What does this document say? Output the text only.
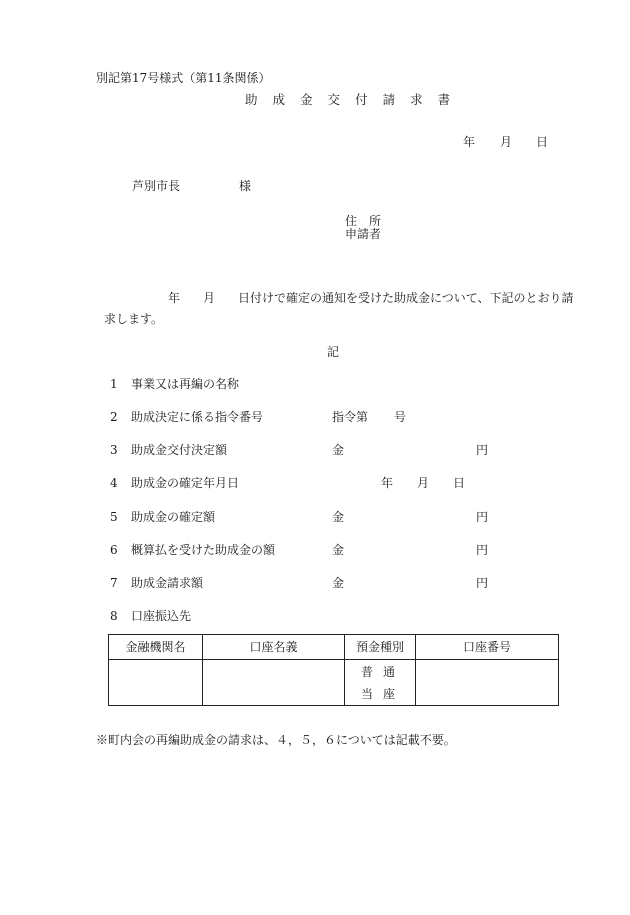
別記第17号様式（第11条関係）
助 成 金 交 付 請 求 書
年 月 日
芦別市長	様
住　所
申請者
年 月 日付けで確定の通知を受けた助成金について、下記のとおり請
求します。
記
1 事業又は再編の名称
2 助成決定に係る指令番号	指令第 号
3 助成金交付決定額	金	円
4 助成金の確定年月日	年 月 日
5 助成金の確定額	金	円
6 概算払を受けた助成金の額	金	円
7 助成金請求額	金	円
8 口座振込先
金融機関名	口座名義	預金種別	口座番号

		普通
当座	

※町内会の再編助成金の請求は、４，５，６については記載不要。
